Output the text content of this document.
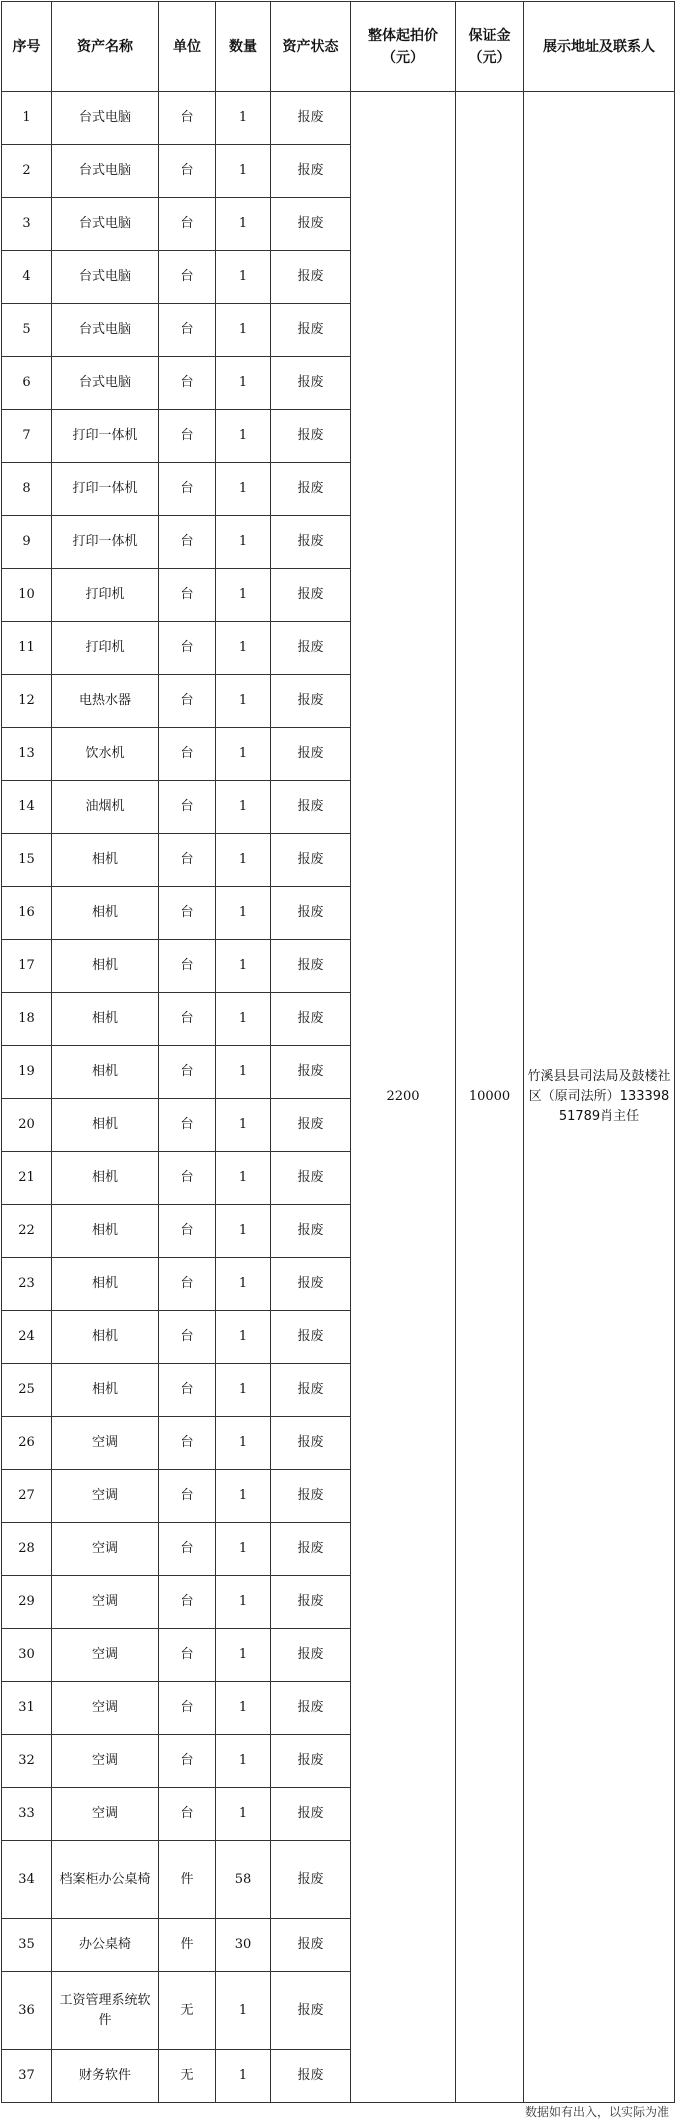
序号	资产名称	单位	数量	资产状态	整体起拍价（元）	保证金（元）	展示地址及联系人
1	台式电脑	台	1	报废	2200	10000	竹溪县县司法局及鼓楼社区（原司法所）13339851789肖主任
2	台式电脑	台	1	报废			
3	台式电脑	台	1	报废			
4	台式电脑	台	1	报废			
5	台式电脑	台	1	报废			
6	台式电脑	台	1	报废			
7	打印一体机	台	1	报废			
8	打印一体机	台	1	报废			
9	打印一体机	台	1	报废			
10	打印机	台	1	报废			
11	打印机	台	1	报废			
12	电热水器	台	1	报废			
13	饮水机	台	1	报废			
14	油烟机	台	1	报废			
15	相机	台	1	报废			
16	相机	台	1	报废			
17	相机	台	1	报废			
18	相机	台	1	报废			
19	相机	台	1	报废			
20	相机	台	1	报废			
21	相机	台	1	报废			
22	相机	台	1	报废			
23	相机	台	1	报废			
24	相机	台	1	报废			
25	相机	台	1	报废			
26	空调	台	1	报废			
27	空调	台	1	报废			
28	空调	台	1	报废			
29	空调	台	1	报废			
30	空调	台	1	报废			
31	空调	台	1	报废			
32	空调	台	1	报废			
33	空调	台	1	报废			
34	档案柜办公桌椅	件	58	报废			
35	办公桌椅	件	30	报废			
36	工资管理系统软件	无	1	报废			
37	财务软件	无	1	报废			
数据如有出入，以实际为准
